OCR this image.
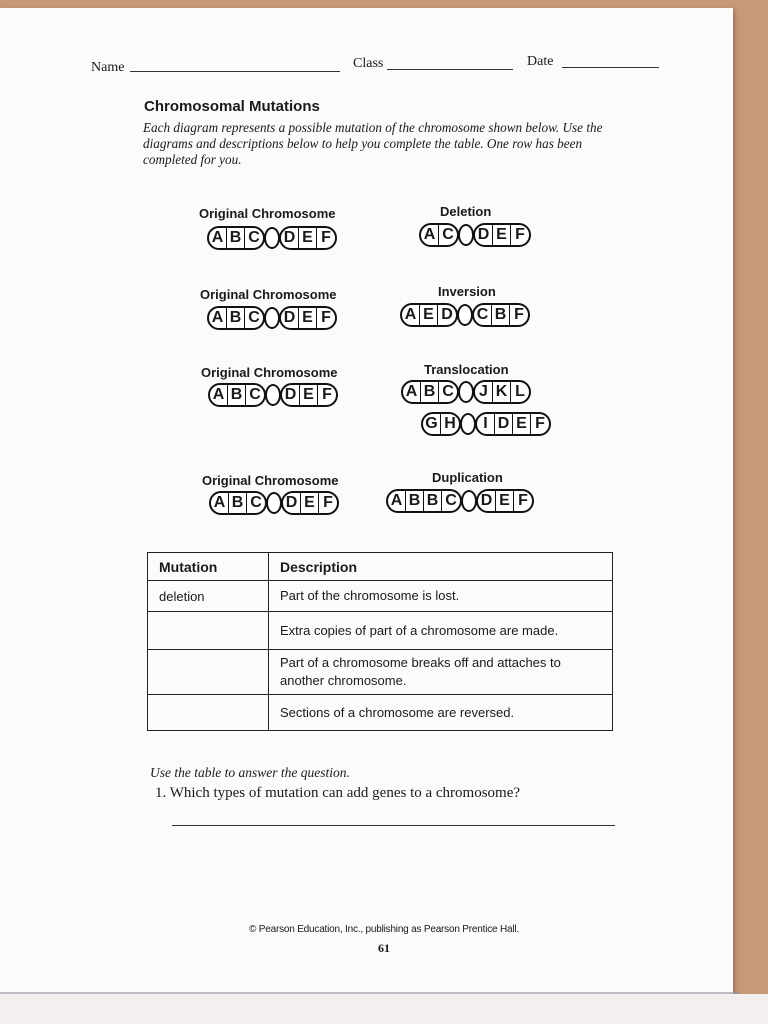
Name	Class	Date
Chromosomal Mutations
Each diagram represents a possible mutation of the chromosome shown below. Use the diagrams and descriptions below to help you complete the table. One row has been completed for you.
Original Chromosome	Deletion
Original Chromosome	Inversion
Original Chromosome	Translocation
Original Chromosome	Duplication
A B C D E F	A C D E F
A B C D E F	A E D C B F
A B C D E F	A B C J K L
G H	I D E F
A B C D E F	A B B C D E F
Mutation	Description
deletion	Part of the chromosome is lost.
	Extra copies of part of a chromosome are made.
	Part of a chromosome breaks off and attaches to another chromosome.
	Sections of a chromosome are reversed.
Use the table to answer the question.
1. Which types of mutation can add genes to a chromosome?
© Pearson Education, Inc., publishing as Pearson Prentice Hall.
61
